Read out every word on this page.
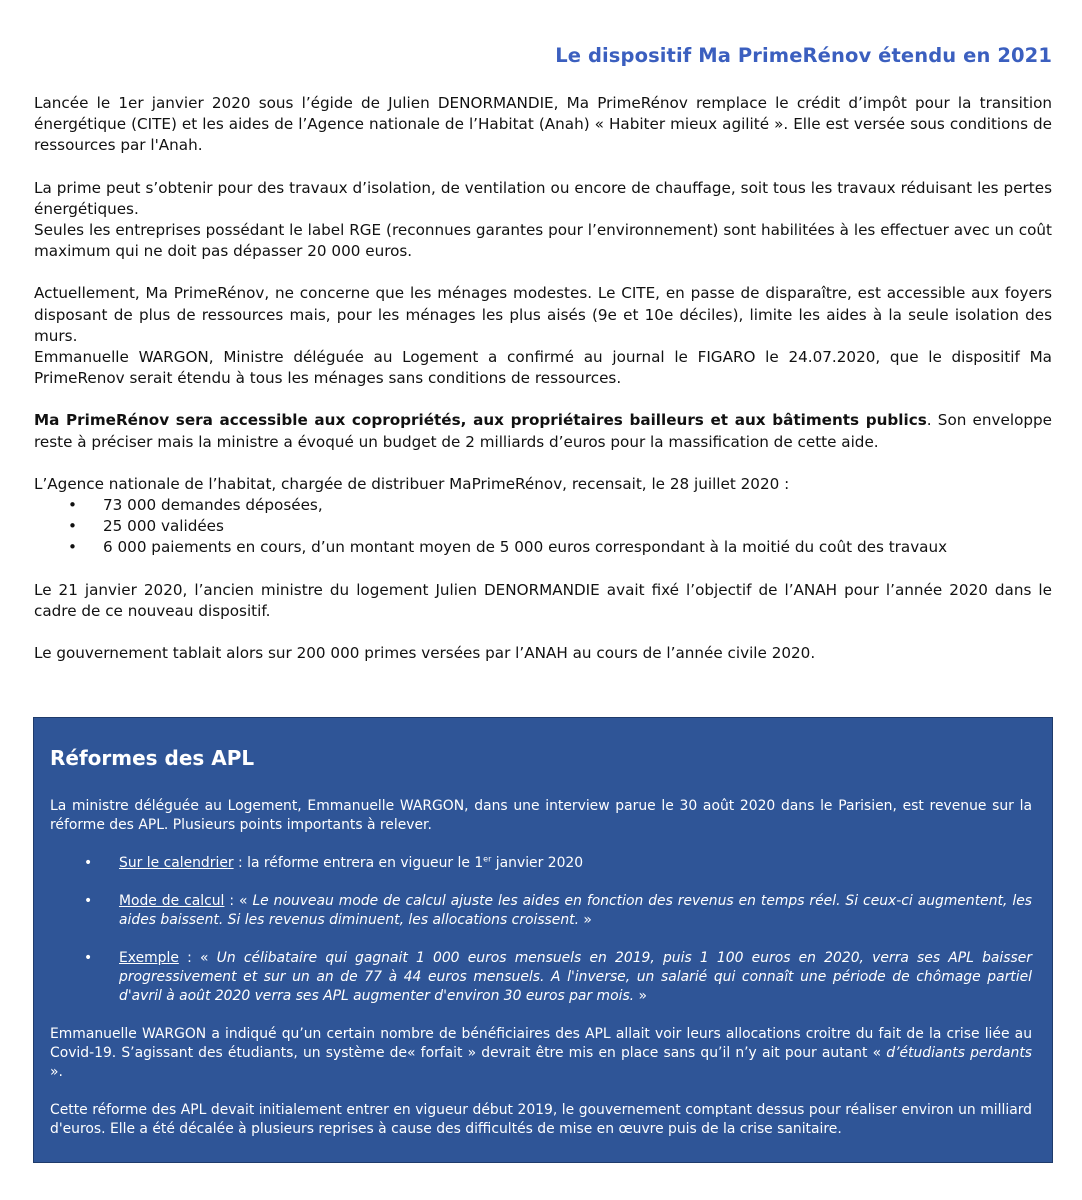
Le dispositif Ma PrimeRénov étendu en 2021

Lancée le 1er janvier 2020 sous l’égide de Julien DENORMANDIE, Ma PrimeRénov remplace le crédit d’impôt pour la transition énergétique (CITE) et les aides de l’Agence nationale de l’Habitat (Anah) « Habiter mieux agilité ». Elle est versée sous conditions de ressources par l'Anah.

La prime peut s’obtenir pour des travaux d’isolation, de ventilation ou encore de chauffage, soit tous les travaux réduisant les pertes énergétiques.

Seules les entreprises possédant le label RGE (reconnues garantes pour l’environnement) sont habilitées à les effectuer avec un coût maximum qui ne doit pas dépasser 20 000 euros.

Actuellement, Ma PrimeRénov, ne concerne que les ménages modestes. Le CITE, en passe de disparaître, est accessible aux foyers disposant de plus de ressources mais, pour les ménages les plus aisés (9e et 10e déciles), limite les aides à la seule isolation des murs.

Emmanuelle WARGON, Ministre déléguée au Logement a confirmé au journal le FIGARO le 24.07.2020, que le dispositif Ma PrimeRenov serait étendu à tous les ménages sans conditions de ressources.

Ma PrimeRénov sera accessible aux copropriétés, aux propriétaires bailleurs et aux bâtiments publics. Son enveloppe reste à préciser mais la ministre a évoqué un budget de 2 milliards d’euros pour la massification de cette aide.

L’Agence nationale de l’habitat, chargée de distribuer MaPrimeRénov, recensait, le 28 juillet 2020 :

• 73 000 demandes déposées,
• 25 000 validées
• 6 000 paiements en cours, d’un montant moyen de 5 000 euros correspondant à la moitié du coût des travaux

Le 21 janvier 2020, l’ancien ministre du logement Julien DENORMANDIE avait fixé l’objectif de l’ANAH pour l’année 2020 dans le cadre de ce nouveau dispositif.

Le gouvernement tablait alors sur 200 000 primes versées par l’ANAH au cours de l’année civile 2020.

Réformes des APL

La ministre déléguée au Logement, Emmanuelle WARGON, dans une interview parue le 30 août 2020 dans le Parisien, est revenue sur la réforme des APL. Plusieurs points importants à relever.

• Sur le calendrier : la réforme entrera en vigueur le 1er janvier 2020
• Mode de calcul : « Le nouveau mode de calcul ajuste les aides en fonction des revenus en temps réel. Si ceux-ci augmentent, les aides baissent. Si les revenus diminuent, les allocations croissent. »
• Exemple : « Un célibataire qui gagnait 1 000 euros mensuels en 2019, puis 1 100 euros en 2020, verra ses APL baisser progressivement et sur un an de 77 à 44 euros mensuels. A l'inverse, un salarié qui connaît une période de chômage partiel d'avril à août 2020 verra ses APL augmenter d'environ 30 euros par mois. »

Emmanuelle WARGON a indiqué qu’un certain nombre de bénéficiaires des APL allait voir leurs allocations croitre du fait de la crise liée au Covid-19. S’agissant des étudiants, un système de« forfait » devrait être mis en place sans qu’il n’y ait pour autant « d’étudiants perdants ».

Cette réforme des APL devait initialement entrer en vigueur début 2019, le gouvernement comptant dessus pour réaliser environ un milliard d'euros. Elle a été décalée à plusieurs reprises à cause des difficultés de mise en œuvre puis de la crise sanitaire.
